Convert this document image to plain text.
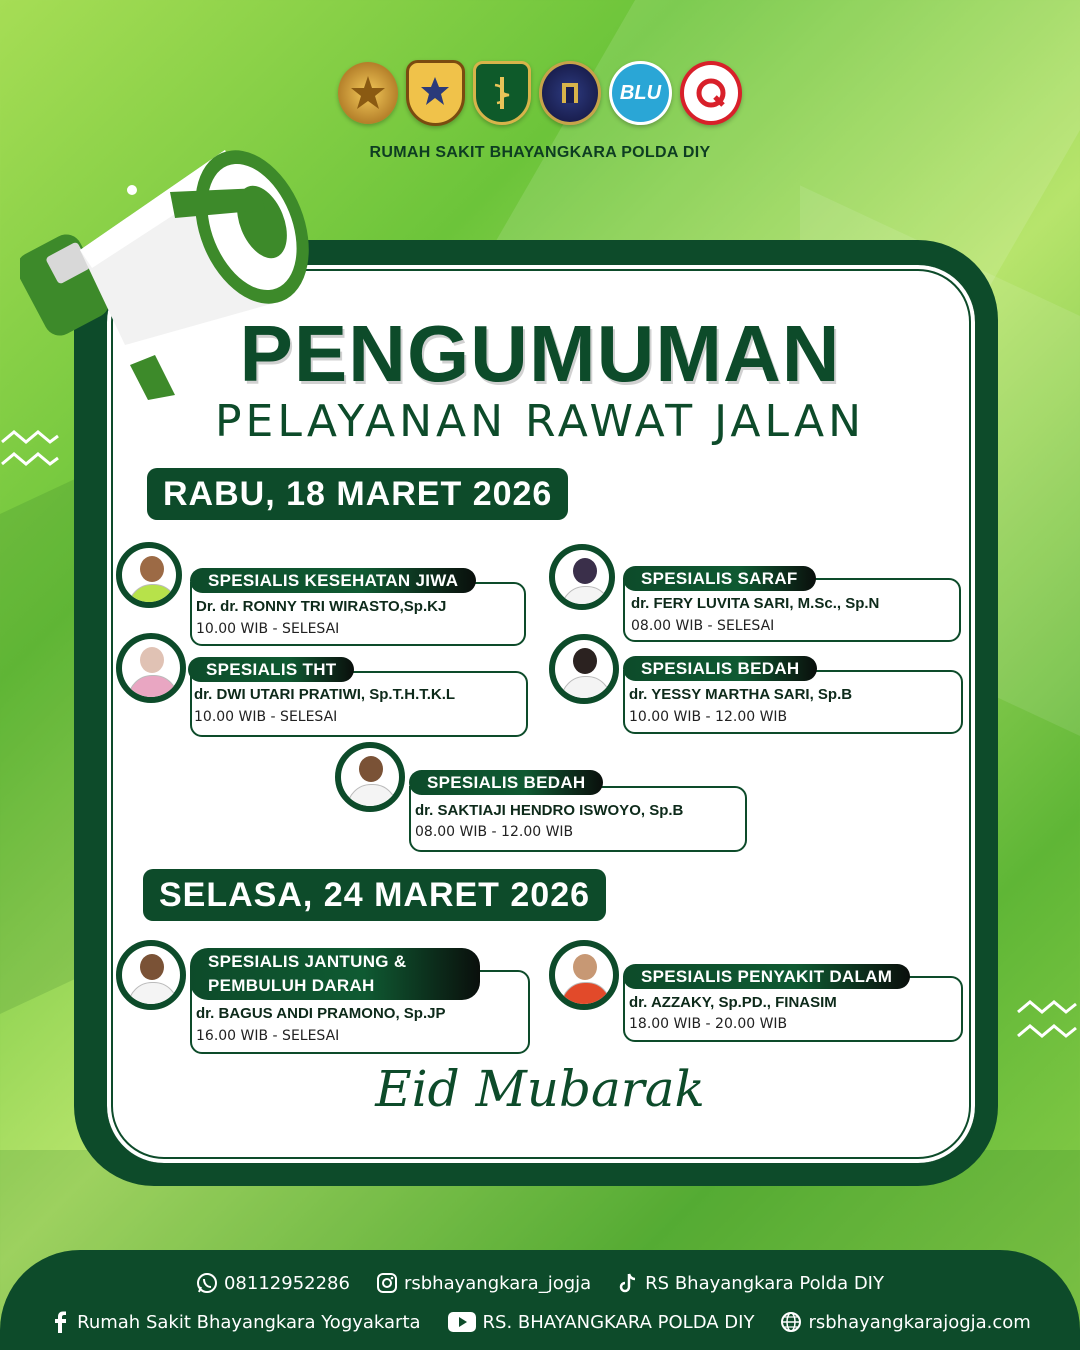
BLU
RUMAH SAKIT BHAYANGKARA POLDA DIY
PENGUMUMAN
PELAYANAN RAWAT JALAN
RABU, 18 MARET 2026
SPESIALIS KESEHATAN JIWA
Dr. dr. RONNY TRI WIRASTO,Sp.KJ
10.00 WIB - SELESAI
SPESIALIS SARAF
dr. FERY LUVITA SARI, M.Sc., Sp.N
08.00 WIB - SELESAI
SPESIALIS THT
dr. DWI UTARI PRATIWI, Sp.T.H.T.K.L
10.00 WIB - SELESAI
SPESIALIS BEDAH
dr. YESSY MARTHA SARI, Sp.B
10.00 WIB - 12.00 WIB
SPESIALIS BEDAH
dr. SAKTIAJI HENDRO ISWOYO, Sp.B
08.00 WIB - 12.00 WIB
SELASA, 24 MARET 2026
SPESIALIS JANTUNG &
PEMBULUH DARAH
dr. BAGUS ANDI PRAMONO, Sp.JP
16.00 WIB - SELESAI
SPESIALIS PENYAKIT DALAM
dr. AZZAKY, Sp.PD., FINASIM
18.00 WIB - 20.00 WIB
Eid Mubarak
08112952286	rsbhayangkara_jogja	RS Bhayangkara Polda DIY
Rumah Sakit Bhayangkara Yogyakarta	RS. BHAYANGKARA POLDA DIY	rsbhayangkarajogja.com
